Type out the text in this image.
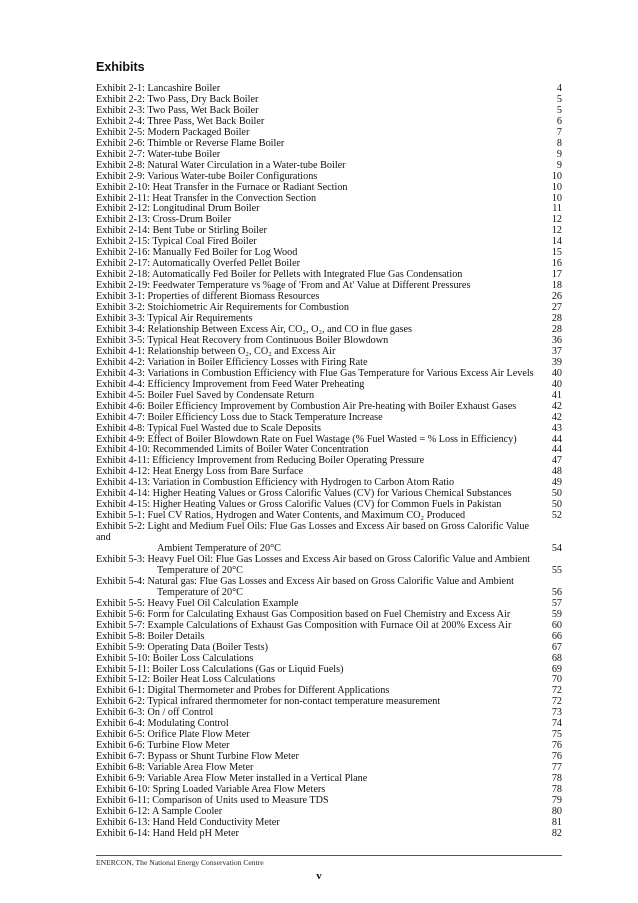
Exhibits
Exhibit 2-1: Lancashire Boiler	4
Exhibit 2-2: Two Pass, Dry Back Boiler	5
Exhibit 2-3: Two Pass, Wet Back Boiler	5
Exhibit 2-4: Three Pass, Wet Back Boiler	6
Exhibit 2-5: Modern Packaged Boiler	7
Exhibit 2-6: Thimble or Reverse Flame Boiler	8
Exhibit 2-7: Water-tube Boiler	9
Exhibit 2-8: Natural Water Circulation in a Water-tube Boiler	9
Exhibit 2-9: Various Water-tube Boiler Configurations	10
Exhibit 2-10: Heat Transfer in the Furnace or Radiant Section	10
Exhibit 2-11: Heat Transfer in the Convection Section	10
Exhibit 2-12: Longitudinal Drum Boiler	11
Exhibit 2-13: Cross-Drum Boiler	12
Exhibit 2-14: Bent Tube or Stirling Boiler	12
Exhibit 2-15: Typical Coal Fired Boiler	14
Exhibit 2-16: Manually Fed Boiler for Log Wood	15
Exhibit 2-17: Automatically Overfed Pellet Boiler	16
Exhibit 2-18: Automatically Fed Boiler for Pellets with Integrated Flue Gas Condensation	17
Exhibit 2-19: Feedwater Temperature vs %age of 'From and At' Value at Different Pressures	18
Exhibit 3-1: Properties of different Biomass Resources	26
Exhibit 3-2: Stoichiometric Air Requirements for Combustion	27
Exhibit 3-3: Typical Air Requirements	28
Exhibit 3-4: Relationship Between Excess Air, CO₂, O₂, and CO in flue gases	28
Exhibit 3-5: Typical Heat Recovery from Continuous Boiler Blowdown	36
Exhibit 4-1: Relationship between O₂, CO₂ and Excess Air	37
Exhibit 4-2: Variation in Boiler Efficiency Losses with Firing Rate	39
Exhibit 4-3: Variations in Combustion Efficiency with Flue Gas Temperature for Various Excess Air Levels	40
Exhibit 4-4: Efficiency Improvement from Feed Water Preheating	40
Exhibit 4-5: Boiler Fuel Saved by Condensate Return	41
Exhibit 4-6: Boiler Efficiency Improvement by Combustion Air Pre-heating with Boiler Exhaust Gases	42
Exhibit 4-7: Boiler Efficiency Loss due to Stack Temperature Increase	42
Exhibit 4-8: Typical Fuel Wasted due to Scale Deposits	43
Exhibit 4-9: Effect of Boiler Blowdown Rate on Fuel Wastage (% Fuel Wasted = % Loss in Efficiency)	44
Exhibit 4-10: Recommended Limits of Boiler Water Concentration	44
Exhibit 4-11: Efficiency Improvement from Reducing Boiler Operating Pressure	47
Exhibit 4-12: Heat Energy Loss from Bare Surface	48
Exhibit 4-13: Variation in Combustion Efficiency with Hydrogen to Carbon Atom Ratio	49
Exhibit 4-14: Higher Heating Values or Gross Calorific Values (CV) for Various Chemical Substances	50
Exhibit 4-15: Higher Heating Values or Gross Calorific Values (CV) for Common Fuels in Pakistan	50
Exhibit 5-1: Fuel CV Ratios, Hydrogen and Water Contents, and Maximum CO₂ Produced	52
Exhibit 5-2: Light and Medium Fuel Oils: Flue Gas Losses and Excess Air based on Gross Calorific Value and
Ambient Temperature of 20°C	54
Exhibit 5-3: Heavy Fuel Oil: Flue Gas Losses and Excess Air based on Gross Calorific Value and Ambient
Temperature of 20°C	55
Exhibit 5-4: Natural gas: Flue Gas Losses and Excess Air based on Gross Calorific Value and Ambient
Temperature of 20°C	56
Exhibit 5-5: Heavy Fuel Oil Calculation Example	57
Exhibit 5-6: Form for Calculating Exhaust Gas Composition based on Fuel Chemistry and Excess Air	59
Exhibit 5-7: Example Calculations of Exhaust Gas Composition with Furnace Oil at 200% Excess Air	60
Exhibit 5-8: Boiler Details	66
Exhibit 5-9: Operating Data (Boiler Tests)	67
Exhibit 5-10: Boiler Loss Calculations	68
Exhibit 5-11: Boiler Loss Calculations (Gas or Liquid Fuels)	69
Exhibit 5-12: Boiler Heat Loss Calculations	70
Exhibit 6-1: Digital Thermometer and Probes for Different Applications	72
Exhibit 6-2: Typical infrared thermometer for non-contact temperature measurement	72
Exhibit 6-3: On / off Control	73
Exhibit 6-4: Modulating Control	74
Exhibit 6-5: Orifice Plate Flow Meter	75
Exhibit 6-6: Turbine Flow Meter	76
Exhibit 6-7: Bypass or Shunt Turbine Flow Meter	76
Exhibit 6-8: Variable Area Flow Meter	77
Exhibit 6-9: Variable Area Flow Meter installed in a Vertical Plane	78
Exhibit 6-10: Spring Loaded Variable Area Flow Meters	78
Exhibit 6-11: Comparison of Units used to Measure TDS	79
Exhibit 6-12: A Sample Cooler	80
Exhibit 6-13: Hand Held Conductivity Meter	81
Exhibit 6-14: Hand Held pH Meter	82
ENERCON, The National Energy Conservation Centre
v
